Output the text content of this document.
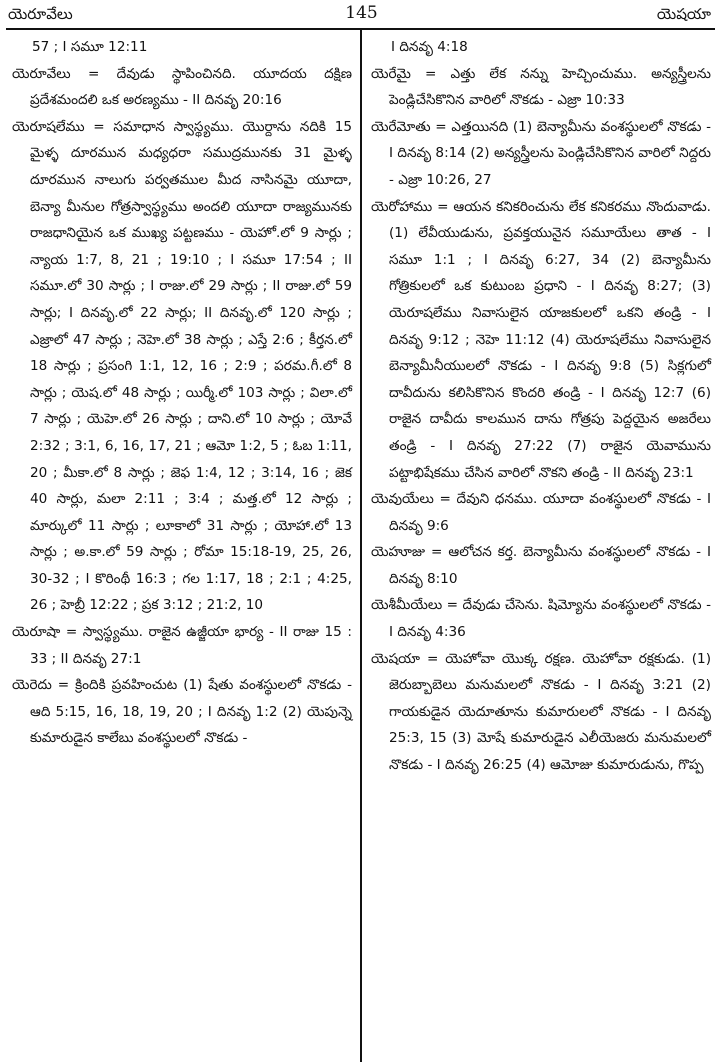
యెరూవేలు	145	యెషయా

57 ; I సమూ 12:11

యెరూవేలు = దేవుడు స్థాపించినది. యూదయ దక్షిణ ప్రదేశమందలి ఒక అరణ్యము - II దినవృ 20:16

యెరూషలేము = సమాధాన స్వాస్థ్యము. యొర్దాను నదికి 15 మైళ్ళ దూరమున మధ్యధరా సముద్రమునకు 31 మైళ్ళ దూరమున నాలుగు పర్వతముల మీద నాసినమై యూదా, బెన్యా మీనుల గోత్రస్వాస్థ్యము అందలి యూదా రాజ్యమునకు రాజధానియైన ఒక ముఖ్య పట్టణము - యెహో.లో 9 సార్లు ; న్యాయ 1:7, 8, 21 ; 19:10 ; I సమూ 17:54 ; II సమూ.లో 30 సార్లు ; I రాజు.లో 29 సార్లు ; II రాజు.లో 59 సార్లు; I దినవృ.లో 22 సార్లు; II దినవృ.లో 120 సార్లు ; ఎజ్రాలో 47 సార్లు ; నెహె.లో 38 సార్లు ; ఎస్తే 2:6 ; కీర్తన.లో 18 సార్లు ; ప్రసంగి 1:1, 12, 16 ; 2:9 ; పరమ.గీ.లో 8 సార్లు ; యెష.లో 48 సార్లు ; యిర్మీ.లో 103 సార్లు ; విలా.లో 7 సార్లు ; యెహె.లో 26 సార్లు ; దాని.లో 10 సార్లు ; యోవే 2:32 ; 3:1, 6, 16, 17, 21 ; ఆమో 1:2, 5 ; ఓబ 1:11, 20 ; మీకా.లో 8 సార్లు ; జెఫ 1:4, 12 ; 3:14, 16 ; జెక 40 సార్లు, మలా 2:11 ; 3:4 ; మత్త.లో 12 సార్లు ; మార్కులో 11 సార్లు ; లూకాలో 31 సార్లు ; యోహా.లో 13 సార్లు ; అ.కా.లో 59 సార్లు ; రోమా 15:18-19, 25, 26, 30-32 ; I కొరింథీ 16:3 ; గల 1:17, 18 ; 2:1 ; 4:25, 26 ; హెబ్రీ 12:22 ; ప్రక 3:12 ; 21:2, 10

యెరూషా = స్వాస్థ్యము. రాజైన ఉజ్జీయా భార్య - II రాజు 15 : 33 ; II దినవృ 27:1

యెరెదు = క్రిందికి ప్రవహించుట (1) షేతు వంశస్థులలో నొకడు - ఆది 5:15, 16, 18, 19, 20 ; I దినవృ 1:2 (2) యెపున్నె కుమారుడైన కాలేబు వంశస్థులలో నొకడు -

I దినవృ 4:18

యెరేమై = ఎత్తు లేక నన్ను హెచ్చించుము. అన్యస్త్రీలను పెండ్లిచేసికొనిన వారిలో నొకడు - ఎజ్రా 10:33

యెరేమోతు = ఎత్తయినది (1) బెన్యామీను వంశస్థులలో నొకడు - I దినవృ 8:14 (2) అన్యస్త్రీలను పెండ్లిచేసికొనిన వారిలో నిద్దరు - ఎజ్రా 10:26, 27

యెరోహాము = ఆయన కనికరించును లేక కనికరము నొందువాడు. (1) లేవీయుడును, ప్రవక్తయునైన సమూయేలు తాత - I సమూ 1:1 ; I దినవృ 6:27, 34 (2) బెన్యామీను గోత్రికులలో ఒక కుటుంబ ప్రధాని - I దినవృ 8:27; (3) యెరూషలేము నివాసులైన యాజకులలో ఒకని తండ్రి - I దినవృ 9:12 ; నెహె 11:12 (4) యెరూషలేము నివాసులైన బెన్యామీనీయులలో నొకడు - I దినవృ 9:8 (5) సిక్లగులో దావీదును కలిసికొనిన కొందరి తండ్రి - I దినవృ 12:7 (6) రాజైన దావీదు కాలమున దాను గోత్రపు పెద్దయైన అజరేలు తండ్రి - I దినవృ 27:22 (7) రాజైన యెవామును పట్టాభిషేకము చేసిన వారిలో నొకని తండ్రి - II దినవృ 23:1

యెవుయేలు = దేవుని ధనము. యూదా వంశస్థులలో నొకడు - I దినవృ 9:6

యెహూజు = ఆలోచన కర్త. బెన్యామీను వంశస్థులలో నొకడు - I దినవృ 8:10

యెశీమీయేలు = దేవుడు చేసెను. షిమ్యోను వంశస్థులలో నొకడు - I దినవృ 4:36

యెషయా = యెహోవా యొక్క రక్షణ. యెహోవా రక్షకుడు. (1) జెరుబ్బాబెలు మనుమలలో నొకడు - I దినవృ 3:21 (2) గాయకుడైన యెదూతూను కుమారులలో నొకడు - I దినవృ 25:3, 15 (3) మోషే కుమారుడైన ఎలీయెజరు మనుమలలో నొకడు - I దినవృ 26:25 (4) ఆమోజు కుమారుడును, గొప్ప
